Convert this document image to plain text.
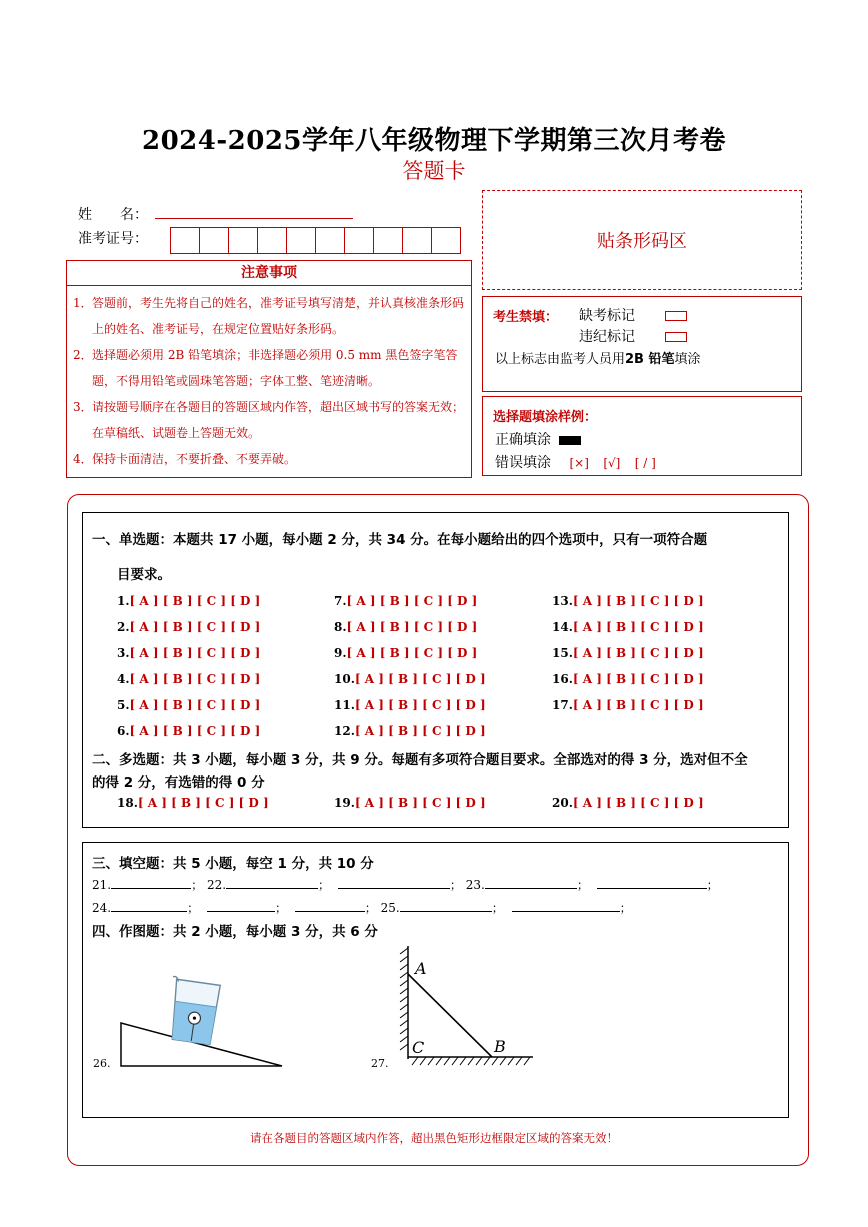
2024-2025学年八年级物理下学期第三次月考卷
答题卡
姓　　名：
准考证号：	贴条形码区
注意事项
1．答题前，考生先将自己的姓名，准考证号填写清楚，并认真核准条形码上的姓名、准考证号，在规定位置贴好条形码。
2．选择题必须用 2B 铅笔填涂；非选择题必须用 0.5 mm 黑色签字笔答题，不得用铅笔或圆珠笔答题；字体工整、笔迹清晰。
3．请按题号顺序在各题目的答题区域内作答，超出区域书写的答案无效；在草稿纸、试题卷上答题无效。
4．保持卡面清洁，不要折叠、不要弄破。
考生禁填： 缺考标记
违纪标记
以上标志由监考人员用2B 铅笔填涂
选择题填涂样例：
正确填涂
错误填涂 [×] [√] [ / ]
一、单选题：本题共 17 小题，每小题 2 分，共 34 分。在每小题给出的四个选项中，只有一项符合题
目要求。
1.[ A ] [ B ] [ C ] [ D ]
2.[ A ] [ B ] [ C ] [ D ]
3.[ A ] [ B ] [ C ] [ D ]
4.[ A ] [ B ] [ C ] [ D ]
5.[ A ] [ B ] [ C ] [ D ]
6.[ A ] [ B ] [ C ] [ D ]
7.[ A ] [ B ] [ C ] [ D ]
8.[ A ] [ B ] [ C ] [ D ]
9.[ A ] [ B ] [ C ] [ D ]
10.[ A ] [ B ] [ C ] [ D ]
11.[ A ] [ B ] [ C ] [ D ]
12.[ A ] [ B ] [ C ] [ D ]
13.[ A ] [ B ] [ C ] [ D ]
14.[ A ] [ B ] [ C ] [ D ]
15.[ A ] [ B ] [ C ] [ D ]
16.[ A ] [ B ] [ C ] [ D ]
17.[ A ] [ B ] [ C ] [ D ]
二、多选题：共 3 小题，每小题 3 分，共 9 分。每题有多项符合题目要求。全部选对的得 3 分，选对但不全
的得 2 分，有选错的得 0 分
18.[ A ] [ B ] [ C ] [ D ]	19.[ A ] [ B ] [ C ] [ D ]	20.[ A ] [ B ] [ C ] [ D ]
三、填空题：共 5 小题，每空 1 分，共 10 分
21.	； 22.	；	； 23.	；	；
24.	；	；	； 25.	；	；
四、作图题：共 2 小题，每小题 3 分，共 6 分
26.	27.
A
C	B
请在各题目的答题区域内作答，超出黑色矩形边框限定区域的答案无效！
